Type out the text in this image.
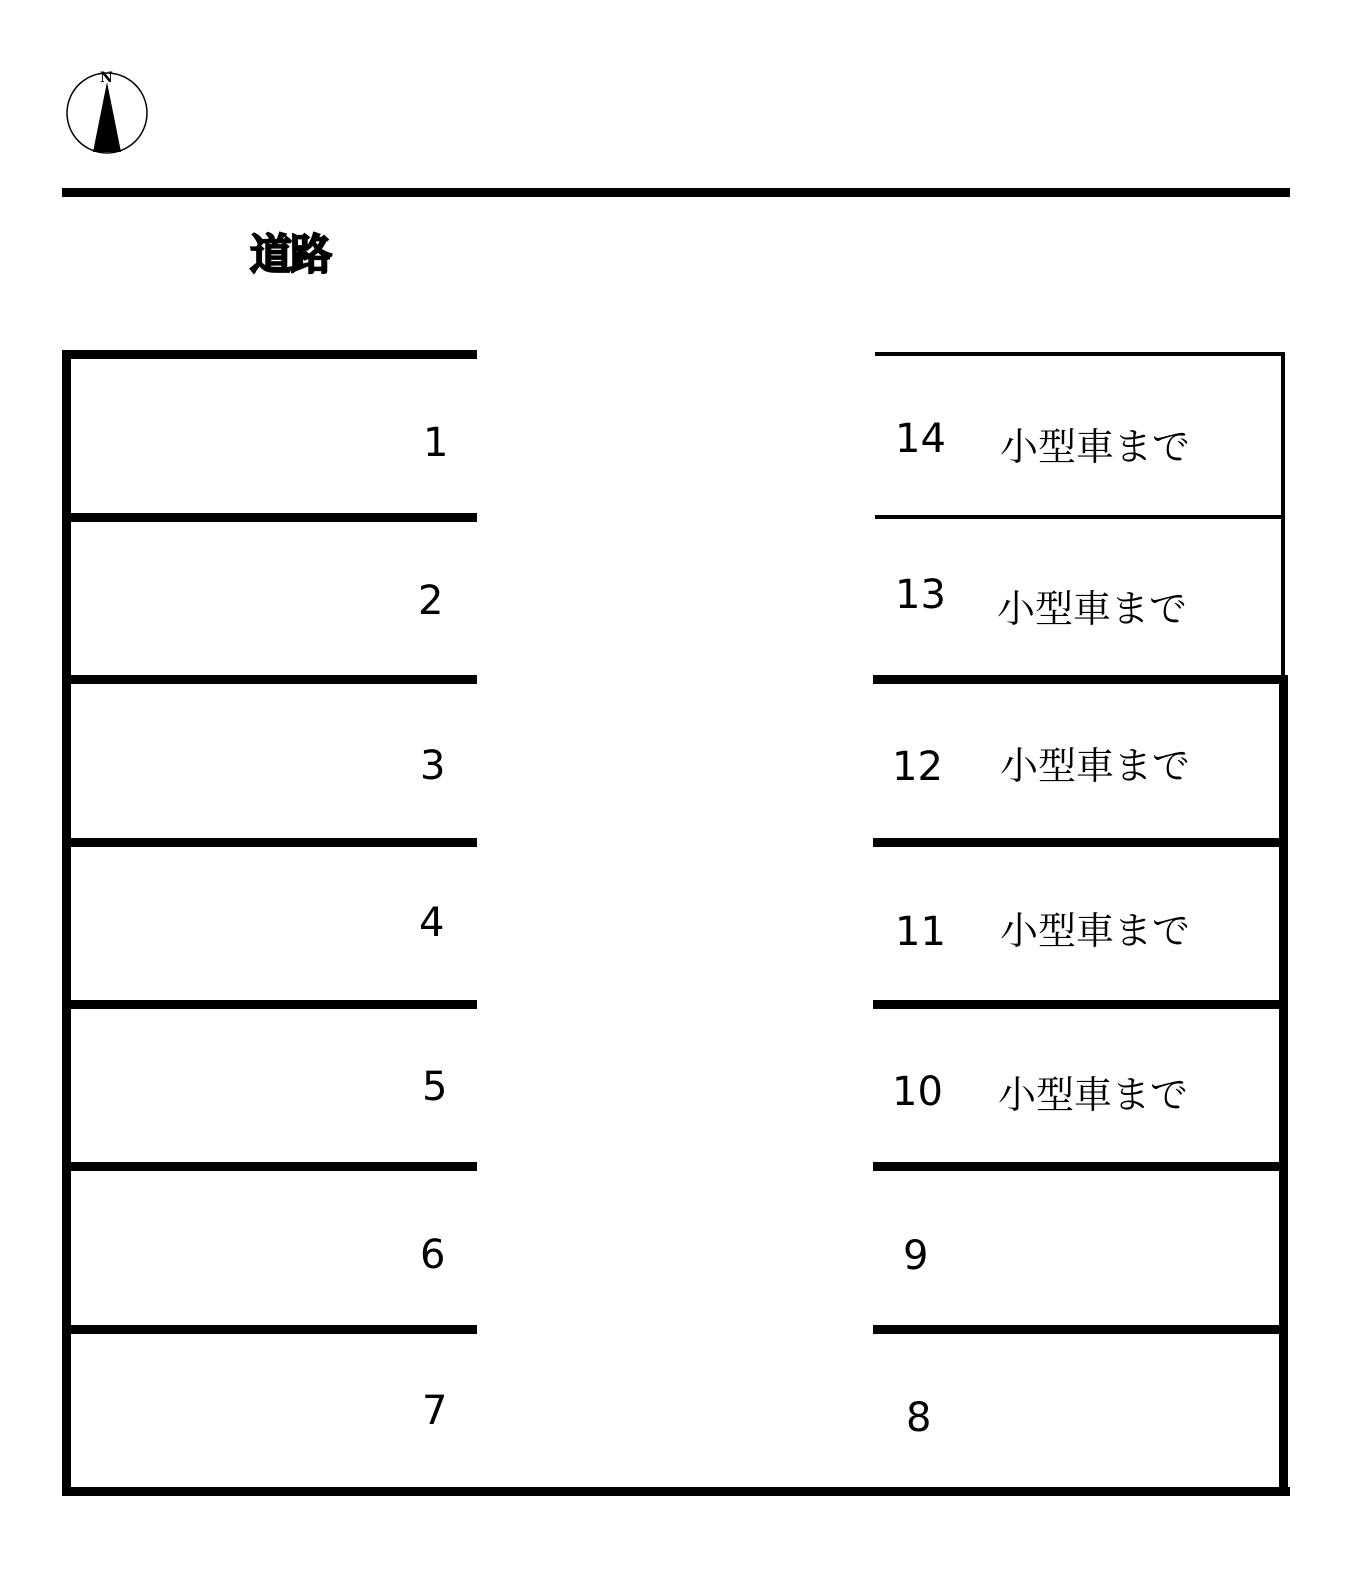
N
道路
1
2
3
4
5
6
7
14 小型車まで
13 小型車まで
12 小型車まで
11 小型車まで
10 小型車まで
9
8
